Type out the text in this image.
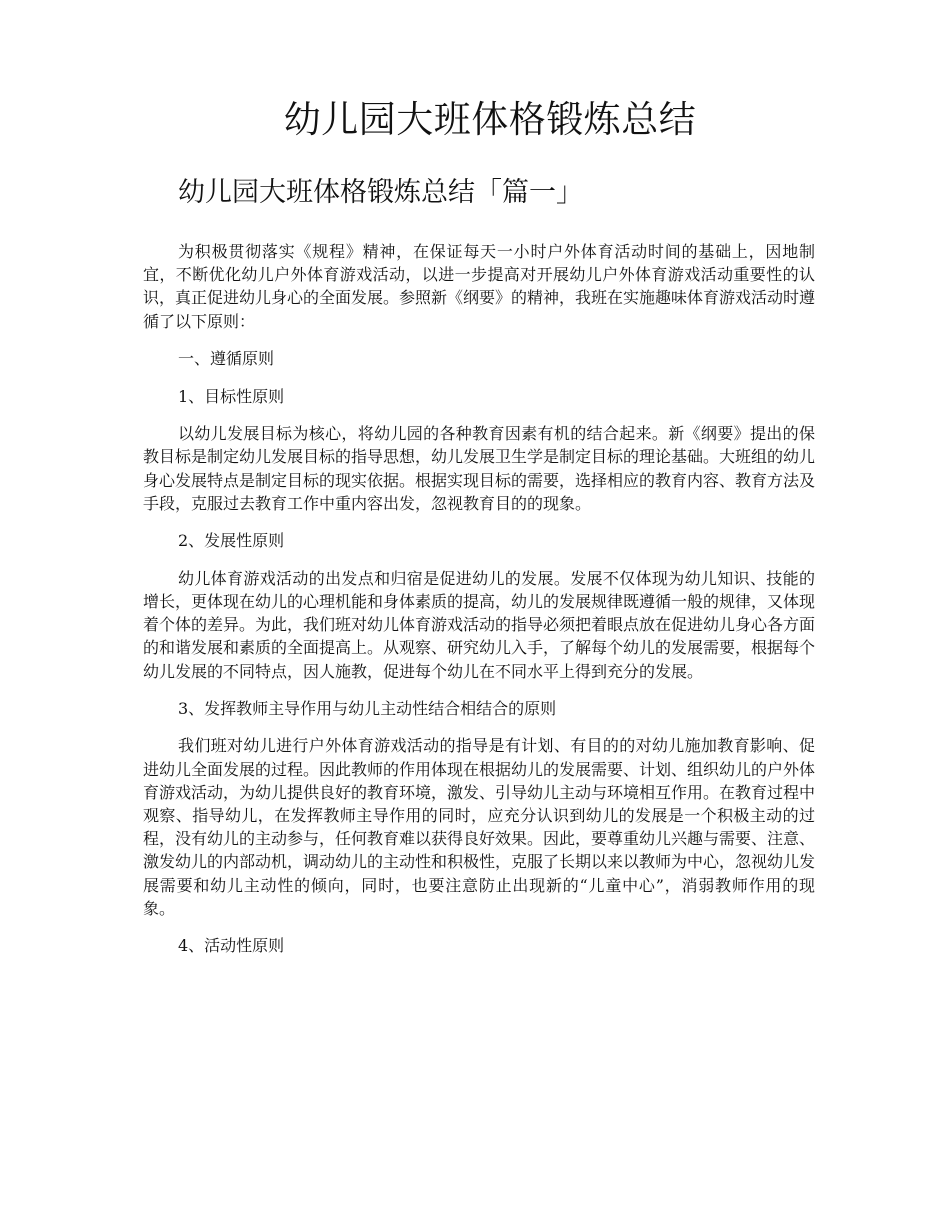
幼儿园大班体格锻炼总结
幼儿园大班体格锻炼总结「篇一」

为积极贯彻落实《规程》精神，在保证每天一小时户外体育活动时间的基础上，因地制宜，不断优化幼儿户外体育游戏活动，以进一步提高对开展幼儿户外体育游戏活动重要性的认识，真正促进幼儿身心的全面发展。参照新《纲要》的精神，我班在实施趣味体育游戏活动时遵循了以下原则：

一、遵循原则

1、目标性原则

以幼儿发展目标为核心，将幼儿园的各种教育因素有机的结合起来。新《纲要》提出的保教目标是制定幼儿发展目标的指导思想，幼儿发展卫生学是制定目标的理论基础。大班组的幼儿身心发展特点是制定目标的现实依据。根据实现目标的需要，选择相应的教育内容、教育方法及手段，克服过去教育工作中重内容出发，忽视教育目的的现象。

2、发展性原则

幼儿体育游戏活动的出发点和归宿是促进幼儿的发展。发展不仅体现为幼儿知识、技能的增长，更体现在幼儿的心理机能和身体素质的提高，幼儿的发展规律既遵循一般的规律，又体现着个体的差异。为此，我们班对幼儿体育游戏活动的指导必须把着眼点放在促进幼儿身心各方面的和谐发展和素质的全面提高上。从观察、研究幼儿入手，了解每个幼儿的发展需要，根据每个幼儿发展的不同特点，因人施教，促进每个幼儿在不同水平上得到充分的发展。

3、发挥教师主导作用与幼儿主动性结合相结合的原则

我们班对幼儿进行户外体育游戏活动的指导是有计划、有目的的对幼儿施加教育影响、促进幼儿全面发展的过程。因此教师的作用体现在根据幼儿的发展需要、计划、组织幼儿的户外体育游戏活动，为幼儿提供良好的教育环境，激发、引导幼儿主动与环境相互作用。在教育过程中观察、指导幼儿，在发挥教师主导作用的同时，应充分认识到幼儿的发展是一个积极主动的过程，没有幼儿的主动参与，任何教育难以获得良好效果。因此，要尊重幼儿兴趣与需要、注意、激发幼儿的内部动机，调动幼儿的主动性和积极性，克服了长期以来以教师为中心，忽视幼儿发展需要和幼儿主动性的倾向，同时，也要注意防止出现新的“儿童中心”，消弱教师作用的现象。

4、活动性原则
